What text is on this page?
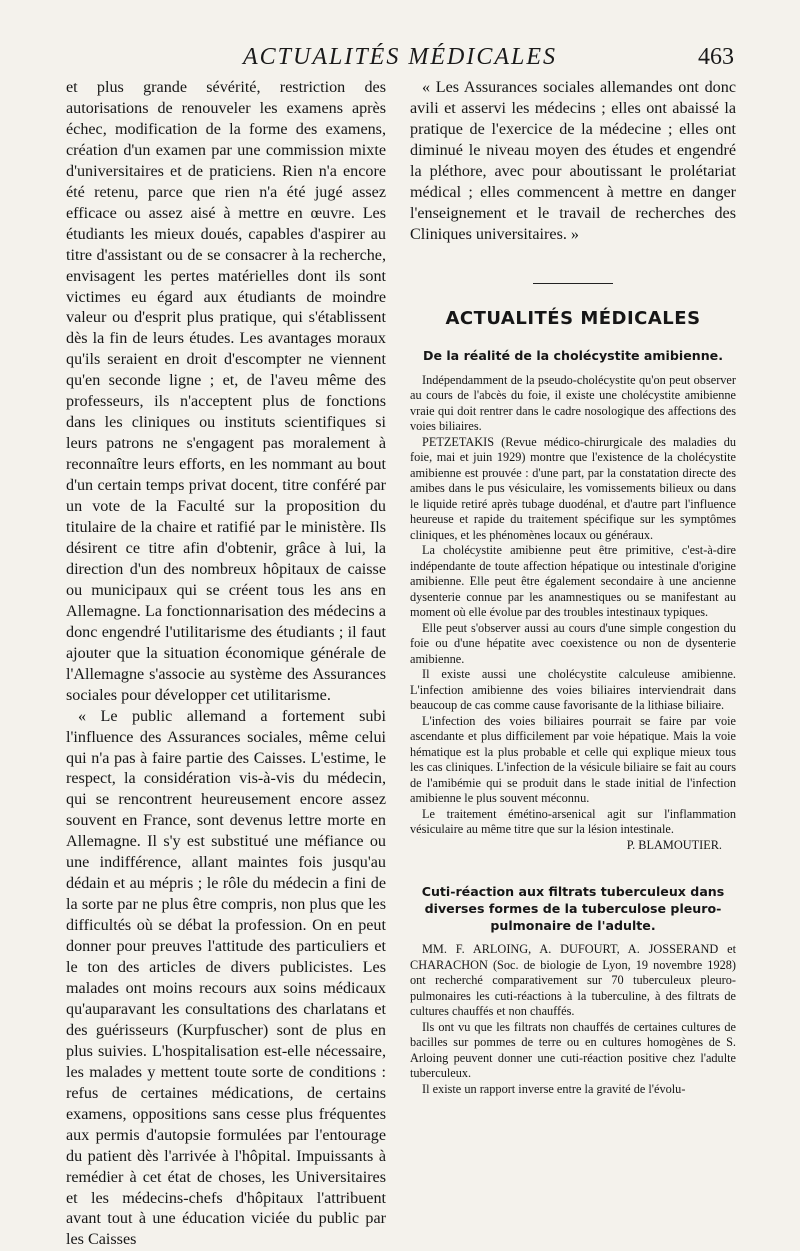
ACTUALITÉS MÉDICALES	463

et plus grande sévérité, restriction des autorisations de renouveler les examens après échec, modification de la forme des examens, création d'un examen par une commission mixte d'universitaires et de praticiens. Rien n'a encore été retenu, parce que rien n'a été jugé assez efficace ou assez aisé à mettre en œuvre. Les étudiants les mieux doués, capables d'aspirer au titre d'assistant ou de se consacrer à la recherche, envisagent les pertes matérielles dont ils sont victimes eu égard aux étudiants de moindre valeur ou d'esprit plus pratique, qui s'établissent dès la fin de leurs études. Les avantages moraux qu'ils seraient en droit d'escompter ne viennent qu'en seconde ligne ; et, de l'aveu même des professeurs, ils n'acceptent plus de fonctions dans les cliniques ou instituts scientifiques si leurs patrons ne s'engagent pas moralement à reconnaître leurs efforts, en les nommant au bout d'un certain temps privat docent, titre conféré par un vote de la Faculté sur la proposition du titulaire de la chaire et ratifié par le ministère. Ils désirent ce titre afin d'obtenir, grâce à lui, la direction d'un des nombreux hôpitaux de caisse ou municipaux qui se créent tous les ans en Allemagne. La fonctionnarisation des médecins a donc engendré l'utilitarisme des étudiants ; il faut ajouter que la situation économique générale de l'Allemagne s'associe au système des Assurances sociales pour développer cet utilitarisme.

« Le public allemand a fortement subi l'influence des Assurances sociales, même celui qui n'a pas à faire partie des Caisses. L'estime, le respect, la considération vis-à-vis du médecin, qui se rencontrent heureusement encore assez souvent en France, sont devenus lettre morte en Allemagne. Il s'y est substitué une méfiance ou une indifférence, allant maintes fois jusqu'au dédain et au mépris ; le rôle du médecin a fini de la sorte par ne plus être compris, non plus que les difficultés où se débat la profession. On en peut donner pour preuves l'attitude des particuliers et le ton des articles de divers publicistes. Les malades ont moins recours aux soins médicaux qu'auparavant les consultations des charlatans et des guérisseurs (Kurpfuscher) sont de plus en plus suivies. L'hospitalisation est-elle nécessaire, les malades y mettent toute sorte de conditions : refus de certaines médications, de certains examens, oppositions sans cesse plus fréquentes aux permis d'autopsie formulées par l'entourage du patient dès l'arrivée à l'hôpital. Impuissants à remédier à cet état de choses, les Universitaires et les médecins-chefs d'hôpitaux l'attribuent avant tout à une éducation viciée du public par les Caisses

« Les Assurances sociales allemandes ont donc avili et asservi les médecins ; elles ont abaissé la pratique de l'exercice de la médecine ; elles ont diminué le niveau moyen des études et engendré la pléthore, avec pour aboutissant le prolétariat médical ; elles commencent à mettre en danger l'enseignement et le travail de recherches des Cliniques universitaires. »

ACTUALITÉS MÉDICALES
De la réalité de la cholécystite amibienne.

Indépendamment de la pseudo-cholécystite qu'on peut observer au cours de l'abcès du foie, il existe une cholécystite amibienne vraie qui doit rentrer dans le cadre nosologique des affections des voies biliaires.

PETZETAKIS (Revue médico-chirurgicale des maladies du foie, mai et juin 1929) montre que l'existence de la cholécystite amibienne est prouvée : d'une part, par la constatation directe des amibes dans le pus vésiculaire, les vomissements bilieux ou dans le liquide retiré après tubage duodénal, et d'autre part l'influence heureuse et rapide du traitement spécifique sur les symptômes cliniques, et les phénomènes locaux ou généraux.

La cholécystite amibienne peut être primitive, c'est-à-dire indépendante de toute affection hépatique ou intestinale d'origine amibienne. Elle peut être également secondaire à une ancienne dysenterie connue par les anamnestiques ou se manifestant au moment où elle évolue par des troubles intestinaux typiques.

Elle peut s'observer aussi au cours d'une simple congestion du foie ou d'une hépatite avec coexistence ou non de dysenterie amibienne.

Il existe aussi une cholécystite calculeuse amibienne. L'infection amibienne des voies biliaires interviendrait dans beaucoup de cas comme cause favorisante de la lithiase biliaire.

L'infection des voies biliaires pourrait se faire par voie ascendante et plus difficilement par voie hépatique. Mais la voie hématique est la plus probable et celle qui explique mieux tous les cas cliniques. L'infection de la vésicule biliaire se fait au cours de l'amibémie qui se produit dans le stade initial de l'infection amibienne le plus souvent méconnu.

Le traitement émétino-arsenical agit sur l'inflammation vésiculaire au même titre que sur la lésion intestinale.

P. BLAMOUTIER.

Cuti-réaction aux filtrats tuberculeux dans diverses formes de la tuberculose pleuro-pulmonaire de l'adulte.

MM. F. ARLOING, A. DUFOURT, A. JOSSERAND et CHARACHON (Soc. de biologie de Lyon, 19 novembre 1928) ont recherché comparativement sur 70 tuberculeux pleuro-pulmonaires les cuti-réactions à la tuberculine, à des filtrats de cultures chauffés et non chauffés.

Ils ont vu que les filtrats non chauffés de certaines cultures de bacilles sur pommes de terre ou en cultures homogènes de S. Arloing peuvent donner une cuti-réaction positive chez l'adulte tuberculeux.

Il existe un rapport inverse entre la gravité de l'évolu-
